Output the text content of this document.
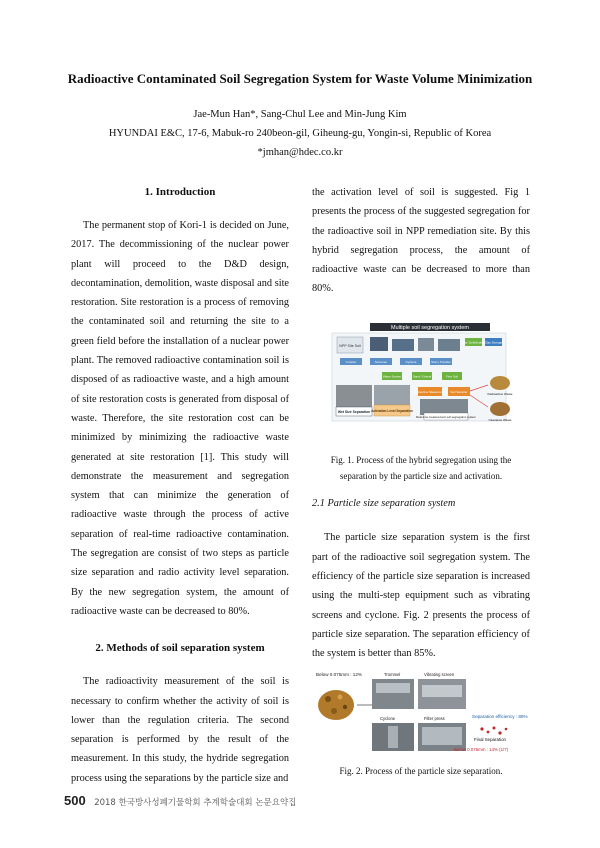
Radioactive Contaminated Soil Segregation System for Waste Volume Minimization
Jae-Mun Han*, Sang-Chul Lee and Min-Jung Kim
HYUNDAI E&C, 17-6, Mabuk-ro 240beon-gil, Giheung-gu, Yongin-si, Republic of Korea
*jmhan@hdec.co.kr
1. Introduction

The permanent stop of Kori-1 is decided on June, 2017. The decommissioning of the nuclear power plant will proceed to the D&D design, decontamination, demolition, waste disposal and site restoration. Site restoration is a process of removing the contaminated soil and returning the site to a green field before the installation of a nuclear power plant. The removed radioactive contamination soil is disposed of as radioactive waste, and a high amount of site restoration costs is generated from disposal of waste. Therefore, the site restoration cost can be minimized by minimizing the radioactive waste generated at site restoration [1]. This study will demonstrate the measurement and segregation system that can minimize the generation of radioactive waste through the process of active separation of real-time radioactive contamination. The segregation are consist of two steps as particle size separation and radio activity level separation. By the new segregation system, the amount of radioactive waste can be decreased to 80%.

2. Methods of soil separation system

The radioactivity measurement of the soil is necessary to confirm whether the activity of soil is lower than the regulation criteria. The second separation is performed by the result of the measurement. In this study, the hydride segregation process using the separations by the particle size and

the activation level of soil is suggested. Fig 1 presents the process of the suggested segregation for the radioactive soil in NPP remediation site. By this hybrid segregation process, the amount of radioactive waste can be decreased to more than 80%.

Multiple soil segregation system
NPP Site Soil
Clay Solidification Clay Storage
Crusher	Screener	Cyclone	Slurry Transfer
Water Screen	Sand / Gravel	Fine Soil
Wet Size Separation Activation Level Separation
Radioactive Measurement Soil Sampler
Real-time measurement soil segregation system
Radioactive Waste
Clearance Waste
Fig. 1. Process of the hybrid segregation using the separation by the particle size and activation.

2.1 Particle size separation system

The particle size separation system is the first part of the radioactive soil segregation system. The efficiency of the particle size separation is increased using the multi-step equipment such as vibrating screens and cyclone. Fig. 2 presents the process of particle size separation. The separation efficiency of the system is better than 85%.

Below 0.075mm : 12%	Trommel	Vibrating screen
Cyclone	Filter press	Separation efficiency : 86%
Final Separation
Below 0.075mm : 14% (1/7)
Fig. 2. Process of the particle size separation.
500 2018 한국방사성폐기물학회 추계학술대회 논문요약집
